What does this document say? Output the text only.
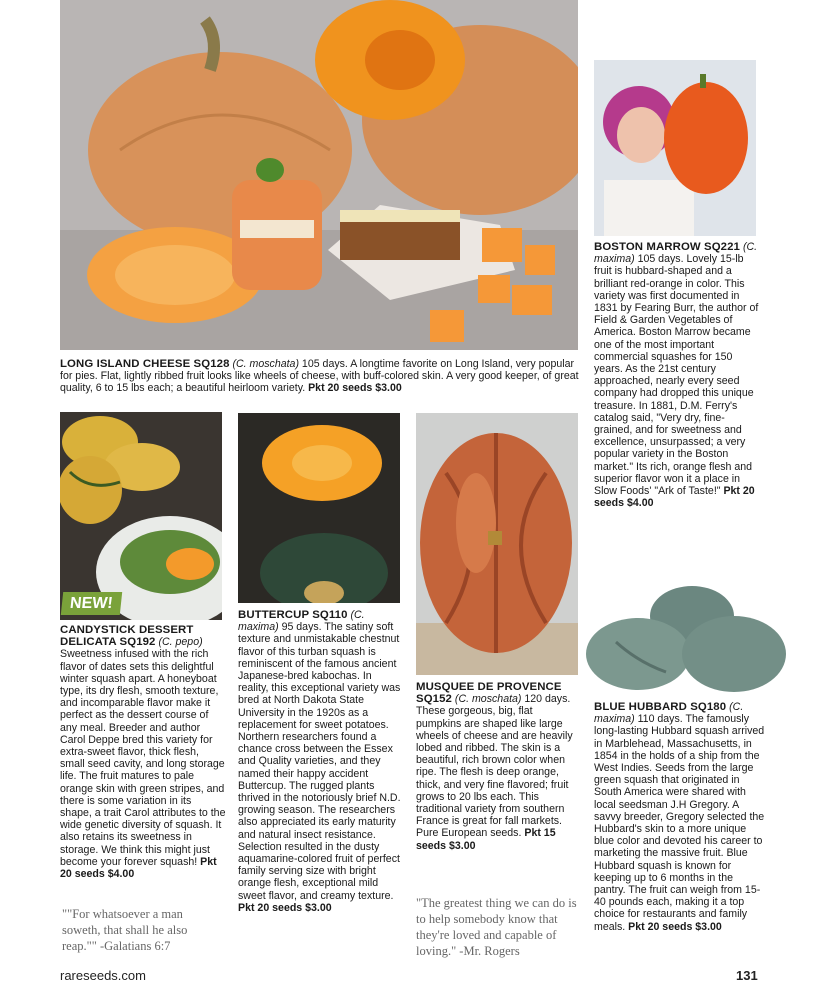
LONG ISLAND CHEESE SQ128 (C. moschata) 105 days. A longtime favorite on Long Island, very popular for pies. Flat, lightly ribbed fruit looks like wheels of cheese, with buff-colored skin. A very good keeper, of great quality, 6 to 15 lbs each; a beautiful heirloom variety. Pkt 20 seeds $3.00
BOSTON MARROW SQ221 (C. maxima) 105 days. Lovely 15-lb fruit is hubbard-shaped and a brilliant red-orange in color. This variety was first documented in 1831 by Fearing Burr, the author of Field & Garden Vegetables of America. Boston Marrow became one of the most important commercial squashes for 150 years. As the 21st century approached, nearly every seed company had dropped this unique treasure. In 1881, D.M. Ferry's catalog said, "Very dry, fine-grained, and for sweetness and excellence, unsurpassed; a very popular variety in the Boston market." Its rich, orange flesh and superior flavor won it a place in Slow Foods' "Ark of Taste!" Pkt 20 seeds $4.00
NEW!
CANDYSTICK DESSERT DELICATA SQ192 (C. pepo) Sweetness infused with the rich flavor of dates sets this delightful winter squash apart. A honeyboat type, its dry flesh, smooth texture, and incomparable flavor make it perfect as the dessert course of any meal. Breeder and author Carol Deppe bred this variety for extra-sweet flavor, thick flesh, small seed cavity, and long storage life. The fruit matures to pale orange skin with green stripes, and there is some variation in its shape, a trait Carol attributes to the wide genetic diversity of squash. It also retains its sweetness in storage. We think this might just become your forever squash! Pkt 20 seeds $4.00
BUTTERCUP SQ110 (C. maxima) 95 days. The satiny soft texture and unmistakable chestnut flavor of this turban squash is reminiscent of the famous ancient Japanese-bred kabochas. In reality, this exceptional variety was bred at North Dakota State University in the 1920s as a replacement for sweet potatoes. Northern researchers found a chance cross between the Essex and Quality varieties, and they named their happy accident Buttercup. The rugged plants thrived in the notoriously brief N.D. growing season. The researchers also appreciated its early maturity and natural insect resistance. Selection resulted in the dusty aquamarine-colored fruit of perfect family serving size with bright orange flesh, exceptional mild sweet flavor, and creamy texture. Pkt 20 seeds $3.00
MUSQUEE DE PROVENCE SQ152 (C. moschata) 120 days. These gorgeous, big, flat pumpkins are shaped like large wheels of cheese and are heavily lobed and ribbed. The skin is a beautiful, rich brown color when ripe. The flesh is deep orange, thick, and very fine flavored; fruit grows to 20 lbs each. This traditional variety from southern France is great for fall markets. Pure European seeds. Pkt 15 seeds $3.00
BLUE HUBBARD SQ180 (C. maxima) 110 days. The famously long-lasting Hubbard squash arrived in Marblehead, Massachusetts, in 1854 in the holds of a ship from the West Indies. Seeds from the large green squash that originated in South America were shared with local seedsman J.H Gregory. A savvy breeder, Gregory selected the Hubbard's skin to a more unique blue color and devoted his career to marketing the massive fruit. Blue Hubbard squash is known for keeping up to 6 months in the pantry. The fruit can weigh from 15-40 pounds each, making it a top choice for restaurants and family meals. Pkt 20 seeds $3.00
""For whatsoever a man soweth, that shall he also reap."" -Galatians 6:7
"The greatest thing we can do is to help somebody know that they're loved and capable of loving." -Mr. Rogers
rareseeds.com	131
